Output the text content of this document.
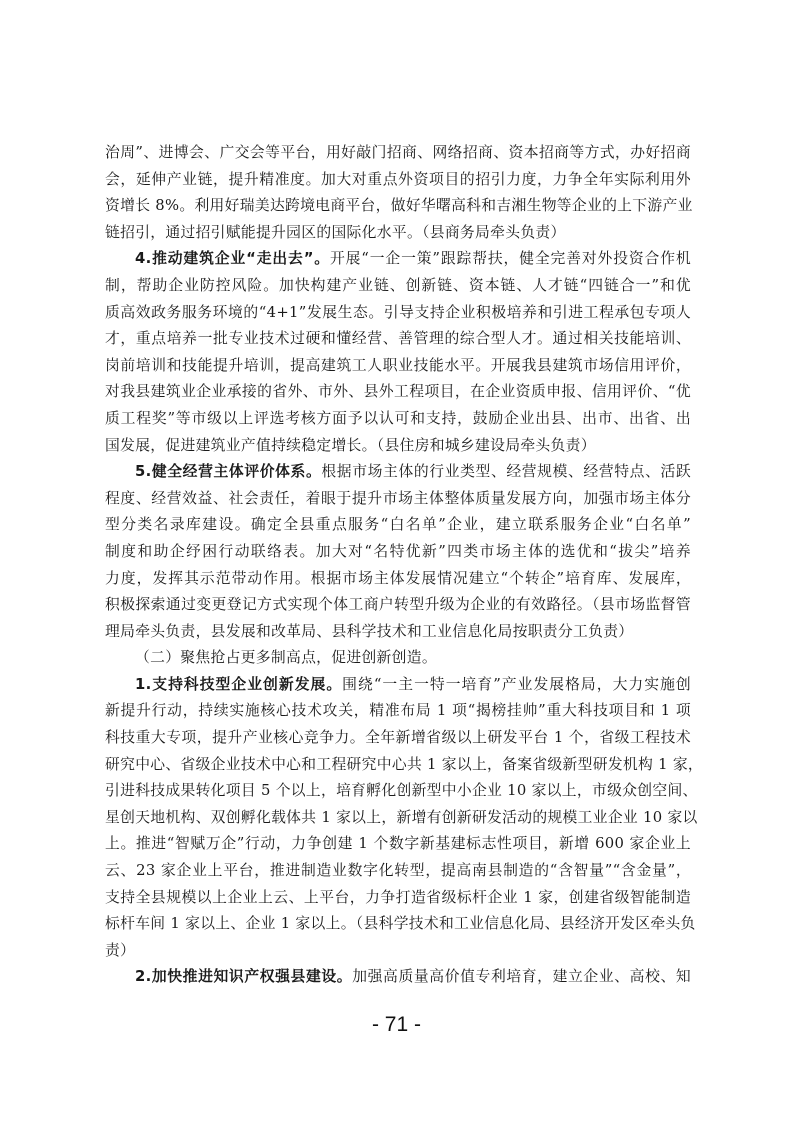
治周”、进博会、广交会等平台，用好敲门招商、网络招商、资本招商等方式，办好招商
会，延伸产业链，提升精准度。加大对重点外资项目的招引力度，力争全年实际利用外
资增长 8%。利用好瑞美达跨境电商平台，做好华曙高科和吉湘生物等企业的上下游产业
链招引，通过招引赋能提升园区的国际化水平。（县商务局牵头负责）
4.推动建筑企业“走出去”。开展“一企一策”跟踪帮扶，健全完善对外投资合作机
制，帮助企业防控风险。加快构建产业链、创新链、资本链、人才链“四链合一”和优
质高效政务服务环境的“4+1”发展生态。引导支持企业积极培养和引进工程承包专项人
才，重点培养一批专业技术过硬和懂经营、善管理的综合型人才。通过相关技能培训、
岗前培训和技能提升培训，提高建筑工人职业技能水平。开展我县建筑市场信用评价，
对我县建筑业企业承接的省外、市外、县外工程项目，在企业资质申报、信用评价、“优
质工程奖”等市级以上评选考核方面予以认可和支持，鼓励企业出县、出市、出省、出
国发展，促进建筑业产值持续稳定增长。（县住房和城乡建设局牵头负责）
5.健全经营主体评价体系。根据市场主体的行业类型、经营规模、经营特点、活跃
程度、经营效益、社会责任，着眼于提升市场主体整体质量发展方向，加强市场主体分
型分类名录库建设。确定全县重点服务“白名单”企业，建立联系服务企业“白名单”
制度和助企纾困行动联络表。加大对“名特优新”四类市场主体的选优和“拔尖”培养
力度，发挥其示范带动作用。根据市场主体发展情况建立“个转企”培育库、发展库，
积极探索通过变更登记方式实现个体工商户转型升级为企业的有效路径。（县市场监督管
理局牵头负责，县发展和改革局、县科学技术和工业信息化局按职责分工负责）
（二）聚焦抢占更多制高点，促进创新创造。
1.支持科技型企业创新发展。围绕“一主一特一培育”产业发展格局，大力实施创
新提升行动，持续实施核心技术攻关，精准布局 1 项“揭榜挂帅”重大科技项目和 1 项
科技重大专项，提升产业核心竞争力。全年新增省级以上研发平台 1 个，省级工程技术
研究中心、省级企业技术中心和工程研究中心共 1 家以上，备案省级新型研发机构 1 家，
引进科技成果转化项目 5 个以上，培育孵化创新型中小企业 10 家以上，市级众创空间、
星创天地机构、双创孵化载体共 1 家以上，新增有创新研发活动的规模工业企业 10 家以
上。推进“智赋万企”行动，力争创建 1 个数字新基建标志性项目，新增 600 家企业上
云、23 家企业上平台，推进制造业数字化转型，提高南县制造的“含智量”“含金量”，
支持全县规模以上企业上云、上平台，力争打造省级标杆企业 1 家，创建省级智能制造
标杆车间 1 家以上、企业 1 家以上。（县科学技术和工业信息化局、县经济开发区牵头负
责）
2.加快推进知识产权强县建设。加强高质量高价值专利培育，建立企业、高校、知
- 71 -
